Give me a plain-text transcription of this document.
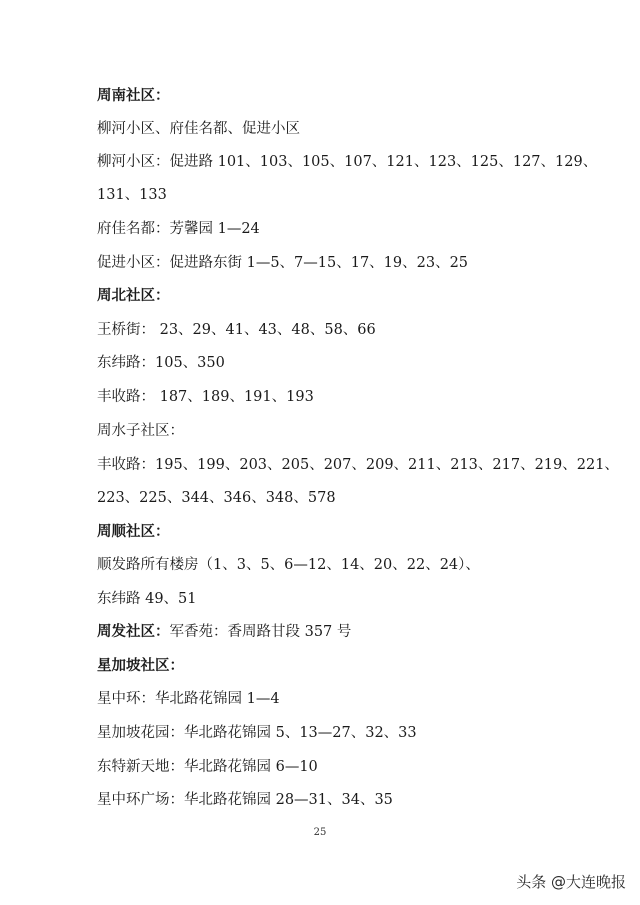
周南社区：
柳河小区、府佳名都、促进小区
柳河小区：促进路 101、103、105、107、121、123、125、127、129、
131、133
府佳名都：芳馨园 1—24
促进小区：促进路东街 1—5、7—15、17、19、23、25
周北社区：
王桥街： 23、29、41、43、48、58、66
东纬路：105、350
丰收路： 187、189、191、193
周水子社区：
丰收路：195、199、203、205、207、209、211、213、217、219、221、
223、225、344、346、348、578
周顺社区：
顺发路所有楼房（1、3、5、6—12、14、20、22、24）、
东纬路 49、51
周发社区：军香苑：香周路甘段 357 号
星加坡社区：
星中环：华北路花锦园 1—4
星加坡花园：华北路花锦园 5、13—27、32、33
东特新天地：华北路花锦园 6—10
星中环广场：华北路花锦园 28—31、34、35
25
头条 @大连晚报
